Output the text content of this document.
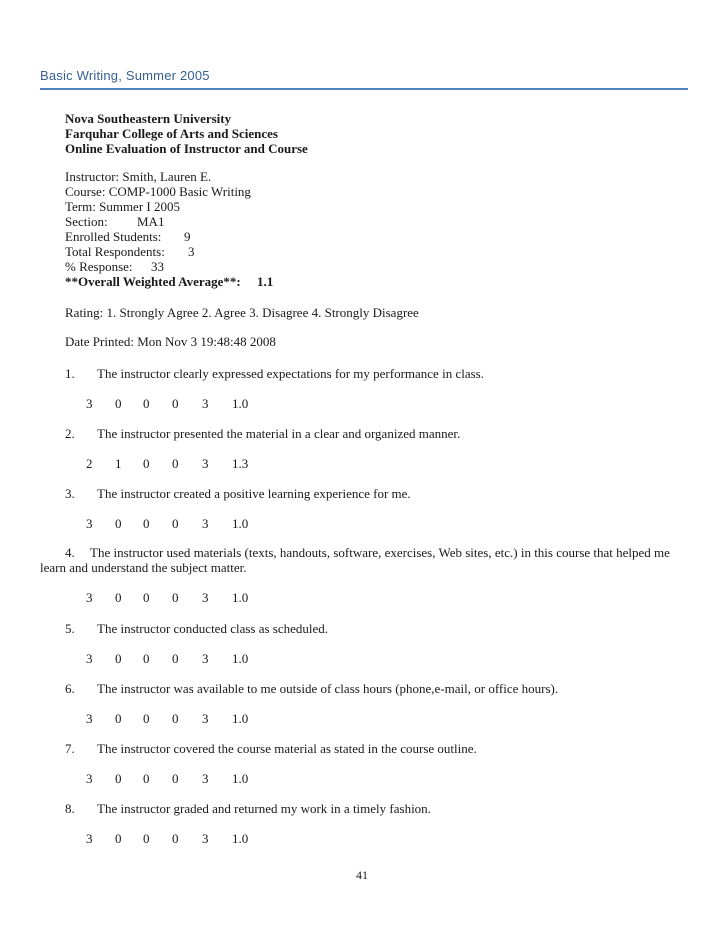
Basic Writing, Summer 2005
Nova Southeastern University
Farquhar College of Arts and Sciences
Online Evaluation of Instructor and Course
Instructor: Smith, Lauren E.
Course: COMP-1000 Basic Writing
Term: Summer I 2005
Section: MA1
Enrolled Students: 9
Total Respondents: 3
% Response: 33
**Overall Weighted Average**: 1.1
Rating: 1. Strongly Agree 2. Agree 3. Disagree 4. Strongly Disagree
Date Printed: Mon Nov 3 19:48:48 2008
1. The instructor clearly expressed expectations for my performance in class.
3 0 0 0 3 1.0
2. The instructor presented the material in a clear and organized manner.
2 1 0 0 3 1.3
3. The instructor created a positive learning experience for me.
3 0 0 0 3 1.0
4. The instructor used materials (texts, handouts, software, exercises, Web sites, etc.) in this course that helped me
learn and understand the subject matter.
3 0 0 0 3 1.0
5. The instructor conducted class as scheduled.
3 0 0 0 3 1.0
6. The instructor was available to me outside of class hours (phone,e-mail, or office hours).
3 0 0 0 3 1.0
7. The instructor covered the course material as stated in the course outline.
3 0 0 0 3 1.0
8. The instructor graded and returned my work in a timely fashion.
3 0 0 0 3 1.0
41
